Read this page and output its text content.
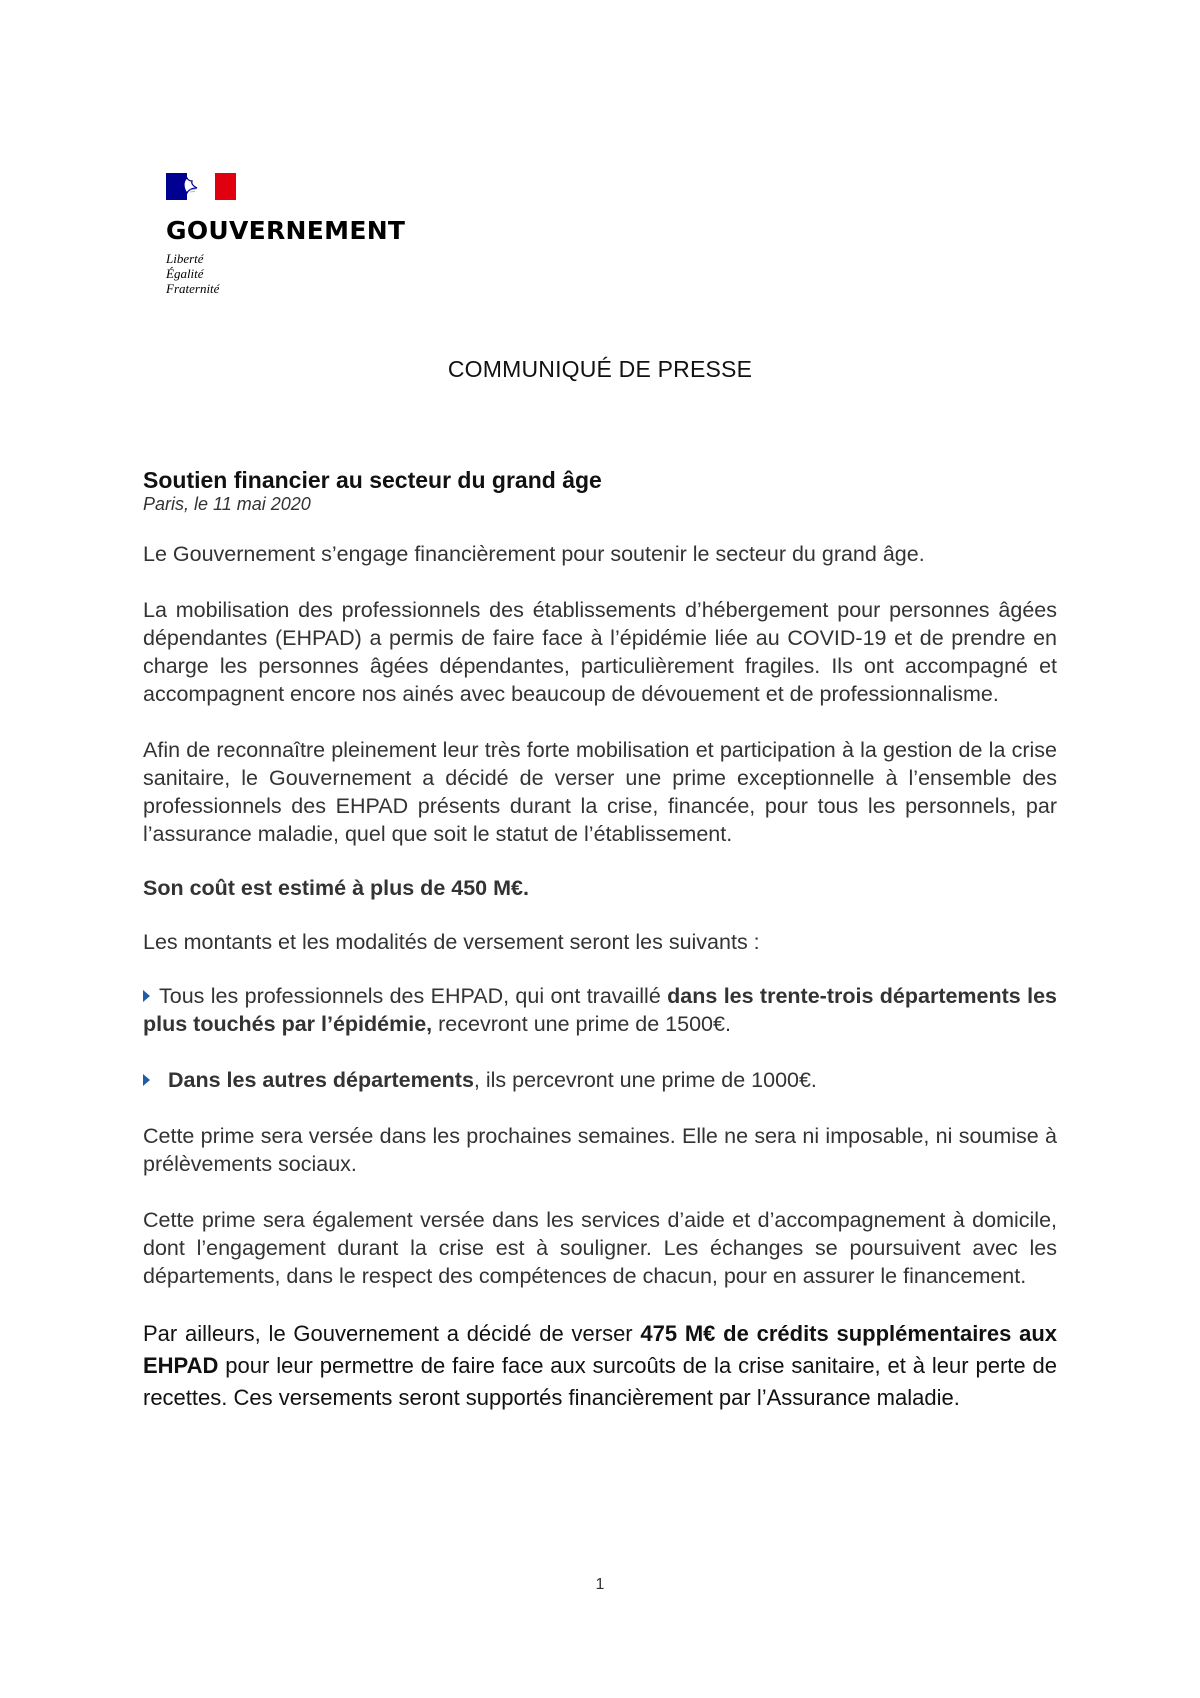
GOUVERNEMENT
Liberté
Égalité
Fraternité
COMMUNIQUÉ DE PRESSE
Soutien financier au secteur du grand âge
Paris, le 11 mai 2020

Le Gouvernement s’engage financièrement pour soutenir le secteur du grand âge.

La mobilisation des professionnels des établissements d’hébergement pour personnes âgées dépendantes (EHPAD) a permis de faire face à l’épidémie liée au COVID-19 et de prendre en charge les personnes âgées dépendantes, particulièrement fragiles. Ils ont accompagné et accompagnent encore nos ainés avec beaucoup de dévouement et de professionnalisme.

Afin de reconnaître pleinement leur très forte mobilisation et participation à la gestion de la crise sanitaire, le Gouvernement a décidé de verser une prime exceptionnelle à l’ensemble des professionnels des EHPAD présents durant la crise, financée, pour tous les personnels, par l’assurance maladie, quel que soit le statut de l’établissement.

Son coût est estimé à plus de 450 M€.

Les montants et les modalités de versement seront les suivants :

Tous les professionnels des EHPAD, qui ont travaillé dans les trente-trois départements les plus touchés par l’épidémie, recevront une prime de 1500€.

Dans les autres départements, ils percevront une prime de 1000€.

Cette prime sera versée dans les prochaines semaines. Elle ne sera ni imposable, ni soumise à prélèvements sociaux.

Cette prime sera également versée dans les services d’aide et d’accompagnement à domicile, dont l’engagement durant la crise est à souligner. Les échanges se poursuivent avec les départements, dans le respect des compétences de chacun, pour en assurer le financement.

Par ailleurs, le Gouvernement a décidé de verser 475 M€ de crédits supplémentaires aux EHPAD pour leur permettre de faire face aux surcoûts de la crise sanitaire, et à leur perte de recettes. Ces versements seront supportés financièrement par l’Assurance maladie.

1
